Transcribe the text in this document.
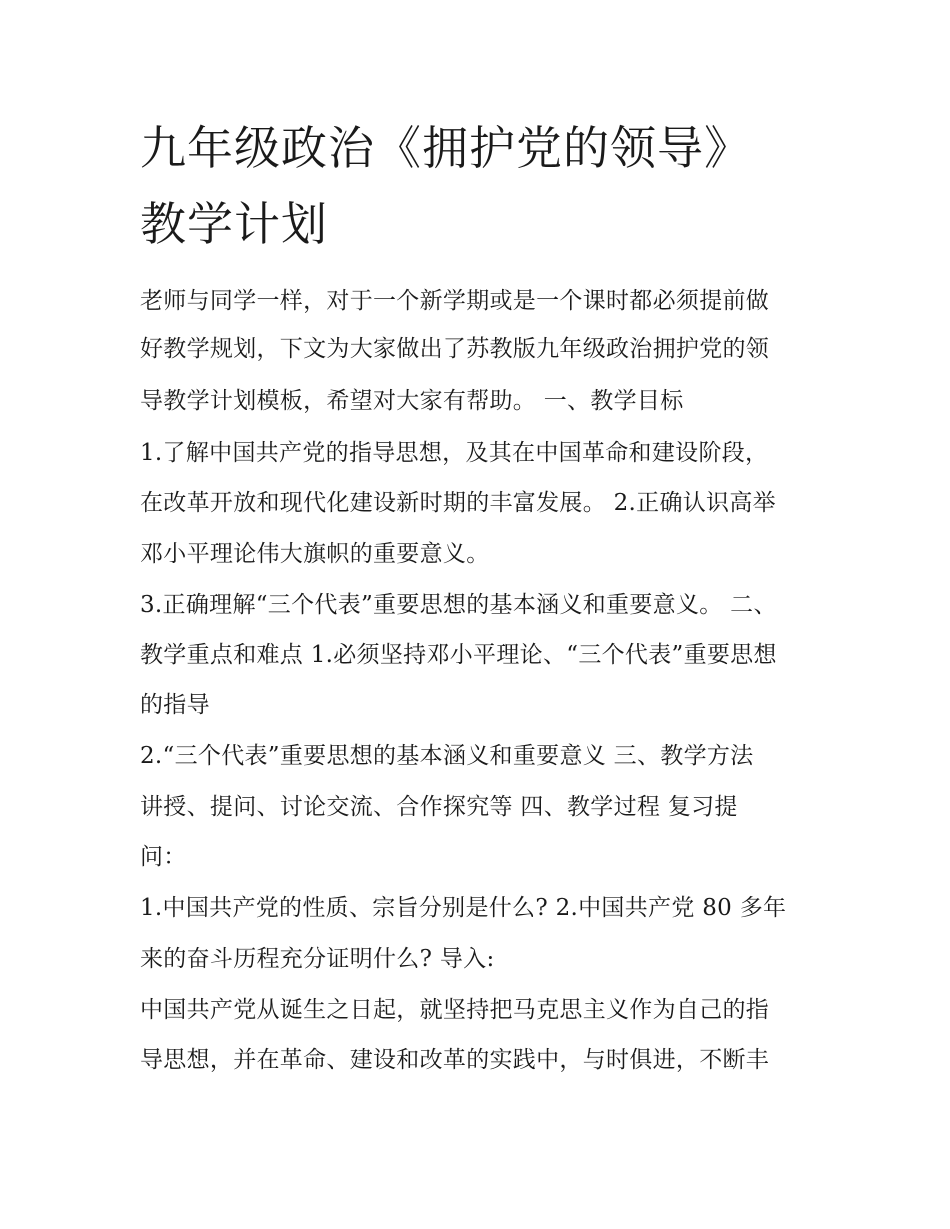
九年级政治《拥护党的领导》
教学计划
老师与同学一样，对于一个新学期或是一个课时都必须提前做
好教学规划，下文为大家做出了苏教版九年级政治拥护党的领
导教学计划模板，希望对大家有帮助。 一、教学目标
1.了解中国共产党的指导思想，及其在中国革命和建设阶段，
在改革开放和现代化建设新时期的丰富发展。 2.正确认识高举
邓小平理论伟大旗帜的重要意义。
3.正确理解“三个代表”重要思想的基本涵义和重要意义。 二、
教学重点和难点 1.必须坚持邓小平理论、“三个代表”重要思想
的指导
2.“三个代表”重要思想的基本涵义和重要意义 三、教学方法
讲授、提问、讨论交流、合作探究等 四、教学过程 复习提
问：
1.中国共产党的性质、宗旨分别是什么? 2.中国共产党 80 多年
来的奋斗历程充分证明什么? 导入:
中国共产党从诞生之日起，就坚持把马克思主义作为自己的指
导思想，并在革命、建设和改革的实践中，与时俱进，不断丰
